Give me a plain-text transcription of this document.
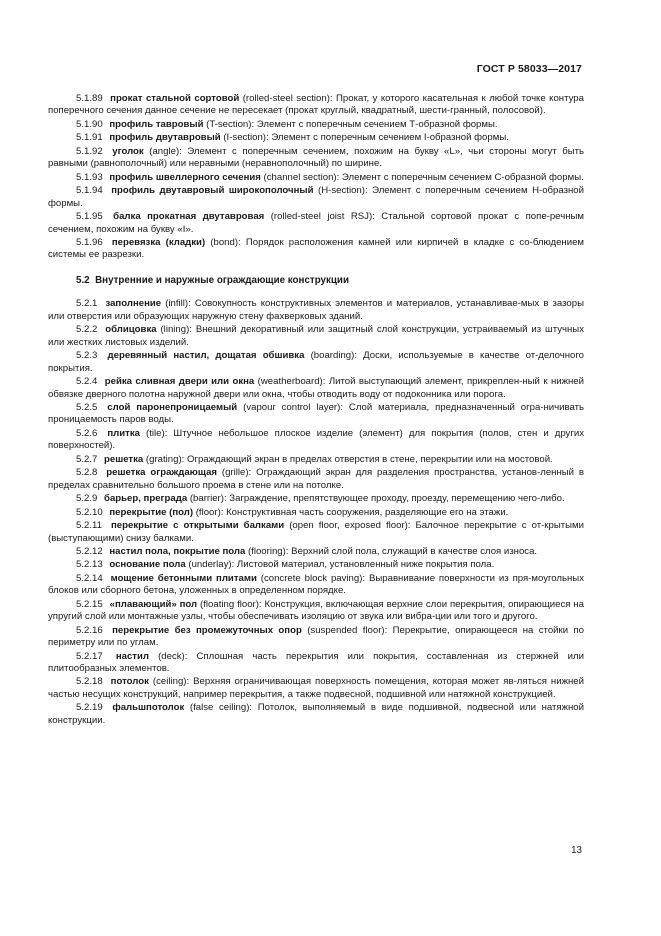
ГОСТ Р 58033—2017
5.1.89 прокат стальной сортовой (rolled-steel section): Прокат, у которого касательная к любой точке контура поперечного сечения данное сечение не пересекает (прокат круглый, квадратный, шести-гранный, полосовой).
5.1.90 профиль тавровый (T-section): Элемент с поперечным сечением Т-образной формы.
5.1.91 профиль двутавровый (I-section): Элемент с поперечным сечением I-образной формы.
5.1.92 уголок (angle): Элемент с поперечным сечением, похожим на букву «L», чьи стороны могут быть равными (равнополочный) или неравными (неравнополочный) по ширине.
5.1.93 профиль швеллерного сечения (channel section): Элемент с поперечным сечением С-образной формы.
5.1.94 профиль двутавровый широкополочный (H-section): Элемент с поперечным сечением Н-образной формы.
5.1.95 балка прокатная двутавровая (rolled-steel joist RSJ): Стальной сортовой прокат с попе-речным сечением, похожим на букву «I».
5.1.96 перевязка (кладки) (bond): Порядок расположения камней или кирпичей в кладке с со-блюдением системы ее разрезки.
5.2 Внутренние и наружные ограждающие конструкции
5.2.1 заполнение (infill): Совокупность конструктивных элементов и материалов, устанавливае-мых в зазоры или отверстия или образующих наружную стену фахверковых зданий.
5.2.2 облицовка (lining): Внешний декоративный или защитный слой конструкции, устраиваемый из штучных или жестких листовых изделий.
5.2.3 деревянный настил, дощатая обшивка (boarding): Доски, используемые в качестве от-делочного покрытия.
5.2.4 рейка сливная двери или окна (weatherboard): Литой выступающий элемент, прикреплен-ный к нижней обвязке дверного полотна наружной двери или окна, чтобы отводить воду от подоконника или порога.
5.2.5 слой паронепроницаемый (vapour control layer): Слой материала, предназначенный огра-ничивать проницаемость паров воды.
5.2.6 плитка (tile): Штучное небольшое плоское изделие (элемент) для покрытия (полов, стен и других поверхностей).
5.2.7 решетка (grating): Ограждающий экран в пределах отверстия в стене, перекрытии или на мостовой.
5.2.8 решетка ограждающая (grille): Ограждающий экран для разделения пространства, установ-ленный в пределах сравнительно большого проема в стене или на потолке.
5.2.9 барьер, преграда (barrier): Заграждение, препятствующее проходу, проезду, перемещению чего-либо.
5.2.10 перекрытие (пол) (floor): Конструктивная часть сооружения, разделяющие его на этажи.
5.2.11 перекрытие с открытыми балками (open floor, exposed floor): Балочное перекрытие с от-крытыми (выступающими) снизу балками.
5.2.12 настил пола, покрытие пола (flooring): Верхний слой пола, служащий в качестве слоя износа.
5.2.13 основание пола (underlay): Листовой материал, установленный ниже покрытия пола.
5.2.14 мощение бетонными плитами (concrete block paving): Выравнивание поверхности из пря-моугольных блоков или сборного бетона, уложенных в определенном порядке.
5.2.15 «плавающий» пол (floating floor): Конструкция, включающая верхние слои перекрытия, опирающиеся на упругий слой или монтажные узлы, чтобы обеспечивать изоляцию от звука или вибра-ции или того и другого.
5.2.16 перекрытие без промежуточных опор (suspended floor): Перекрытие, опирающееся на стойки по периметру или по углам.
5.2.17 настил (deck): Сплошная часть перекрытия или покрытия, составленная из стержней или плитообразных элементов.
5.2.18 потолок (ceiling): Верхняя ограничивающая поверхность помещения, которая может яв-ляться нижней частью несущих конструкций, например перекрытия, а также подвесной, подшивной или натяжной конструкцией.
5.2.19 фальшпотолок (false ceiling): Потолок, выполняемый в виде подшивной, подвесной или натяжной конструкции.
13
